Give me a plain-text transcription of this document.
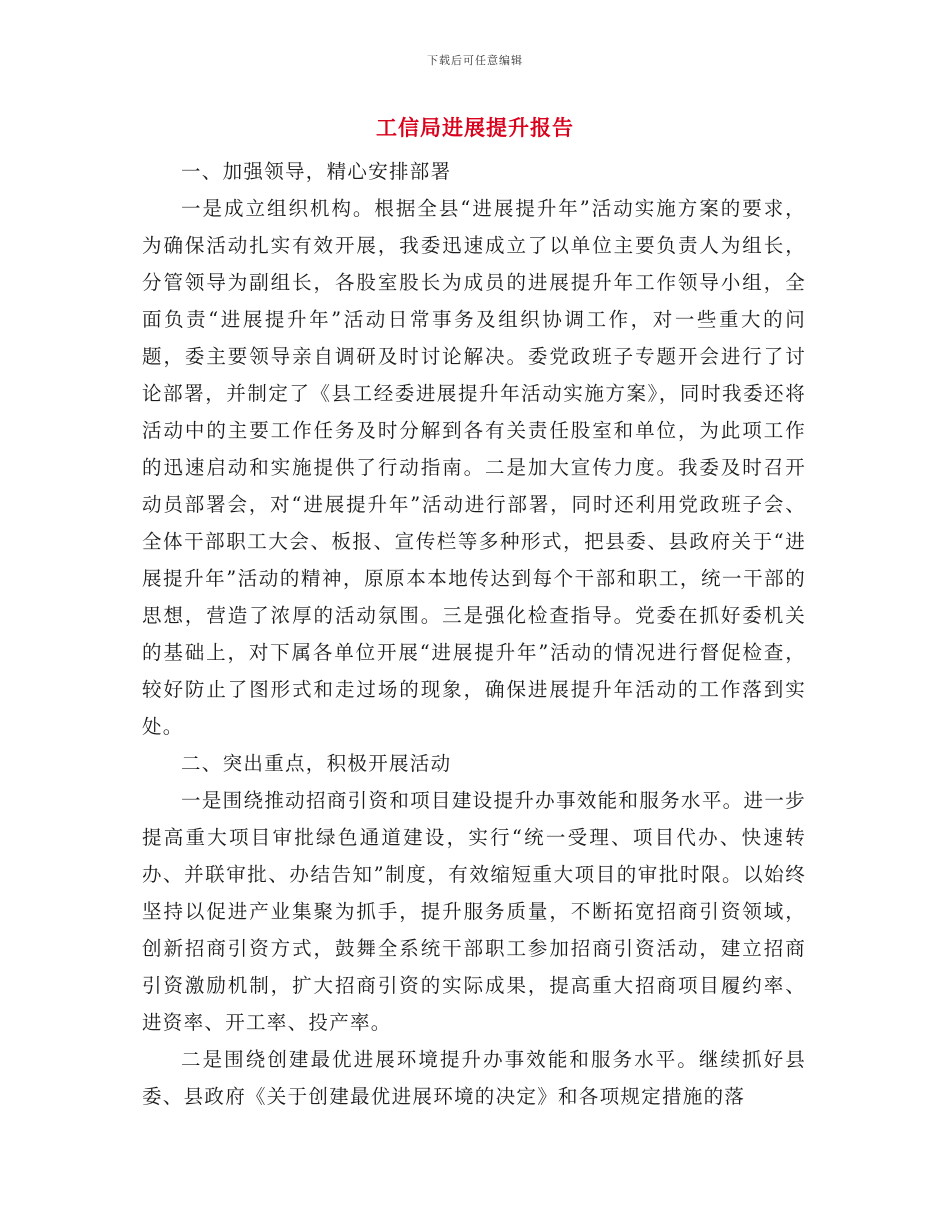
下载后可任意编辑
工信局进展提升报告

一、加强领导，精心安排部署

一是成立组织机构。根据全县“进展提升年”活动实施方案的要求，为确保活动扎实有效开展，我委迅速成立了以单位主要负责人为组长，分管领导为副组长，各股室股长为成员的进展提升年工作领导小组，全面负责“进展提升年”活动日常事务及组织协调工作，对一些重大的问题，委主要领导亲自调研及时讨论解决。委党政班子专题开会进行了讨论部署，并制定了《县工经委进展提升年活动实施方案》，同时我委还将活动中的主要工作任务及时分解到各有关责任股室和单位，为此项工作的迅速启动和实施提供了行动指南。二是加大宣传力度。我委及时召开动员部署会，对“进展提升年”活动进行部署，同时还利用党政班子会、全体干部职工大会、板报、宣传栏等多种形式，把县委、县政府关于“进展提升年”活动的精神，原原本本地传达到每个干部和职工，统一干部的思想，营造了浓厚的活动氛围。三是强化检查指导。党委在抓好委机关的基础上，对下属各单位开展“进展提升年”活动的情况进行督促检查，较好防止了图形式和走过场的现象，确保进展提升年活动的工作落到实处。

二、突出重点，积极开展活动

一是围绕推动招商引资和项目建设提升办事效能和服务水平。进一步提高重大项目审批绿色通道建设，实行“统一受理、项目代办、快速转办、并联审批、办结告知”制度，有效缩短重大项目的审批时限。以始终坚持以促进产业集聚为抓手，提升服务质量，不断拓宽招商引资领域，创新招商引资方式，鼓舞全系统干部职工参加招商引资活动，建立招商引资激励机制，扩大招商引资的实际成果，提高重大招商项目履约率、进资率、开工率、投产率。

二是围绕创建最优进展环境提升办事效能和服务水平。继续抓好县委、县政府《关于创建最优进展环境的决定》和各项规定措施的落
